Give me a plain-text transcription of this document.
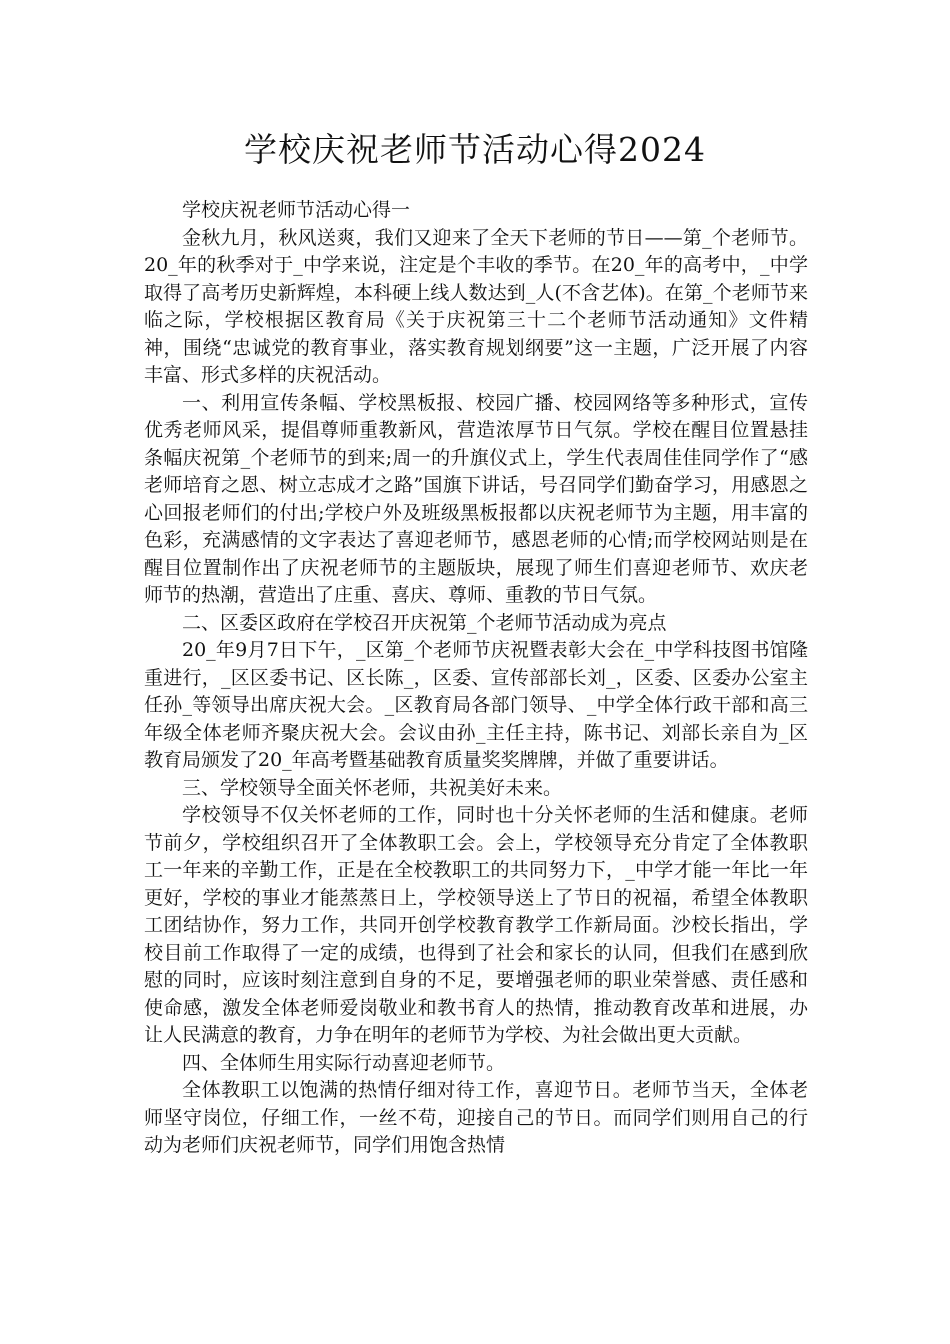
学校庆祝老师节活动心得2024

学校庆祝老师节活动心得一

金秋九月，秋风送爽，我们又迎来了全天下老师的节日——第_个老师节。20_年的秋季对于_中学来说，注定是个丰收的季节。在20_年的高考中，_中学取得了高考历史新辉煌，本科硬上线人数达到_人(不含艺体)。在第_个老师节来临之际，学校根据区教育局《关于庆祝第三十二个老师节活动通知》文件精神，围绕“忠诚党的教育事业，落实教育规划纲要”这一主题，广泛开展了内容丰富、形式多样的庆祝活动。

一、利用宣传条幅、学校黑板报、校园广播、校园网络等多种形式，宣传优秀老师风采，提倡尊师重教新风，营造浓厚节日气氛。学校在醒目位置悬挂条幅庆祝第_个老师节的到来;周一的升旗仪式上，学生代表周佳佳同学作了“感老师培育之恩、树立志成才之路”国旗下讲话，号召同学们勤奋学习，用感恩之心回报老师们的付出;学校户外及班级黑板报都以庆祝老师节为主题，用丰富的色彩，充满感情的文字表达了喜迎老师节，感恩老师的心情;而学校网站则是在醒目位置制作出了庆祝老师节的主题版块，展现了师生们喜迎老师节、欢庆老师节的热潮，营造出了庄重、喜庆、尊师、重教的节日气氛。

二、区委区政府在学校召开庆祝第_个老师节活动成为亮点

20_年9月7日下午，_区第_个老师节庆祝暨表彰大会在_中学科技图书馆隆重进行，_区区委书记、区长陈_，区委、宣传部部长刘_，区委、区委办公室主任孙_等领导出席庆祝大会。_区教育局各部门领导、_中学全体行政干部和高三年级全体老师齐聚庆祝大会。会议由孙_主任主持，陈书记、刘部长亲自为_区教育局颁发了20_年高考暨基础教育质量奖奖牌牌，并做了重要讲话。

三、学校领导全面关怀老师，共祝美好未来。

学校领导不仅关怀老师的工作，同时也十分关怀老师的生活和健康。老师节前夕，学校组织召开了全体教职工会。会上，学校领导充分肯定了全体教职工一年来的辛勤工作，正是在全校教职工的共同努力下，_中学才能一年比一年更好，学校的事业才能蒸蒸日上，学校领导送上了节日的祝福，希望全体教职工团结协作，努力工作，共同开创学校教育教学工作新局面。沙校长指出，学校目前工作取得了一定的成绩，也得到了社会和家长的认同，但我们在感到欣慰的同时，应该时刻注意到自身的不足，要增强老师的职业荣誉感、责任感和使命感，激发全体老师爱岗敬业和教书育人的热情，推动教育改革和进展，办让人民满意的教育，力争在明年的老师节为学校、为社会做出更大贡献。

四、全体师生用实际行动喜迎老师节。

全体教职工以饱满的热情仔细对待工作，喜迎节日。老师节当天，全体老师坚守岗位，仔细工作，一丝不苟，迎接自己的节日。而同学们则用自己的行动为老师们庆祝老师节，同学们用饱含热情
